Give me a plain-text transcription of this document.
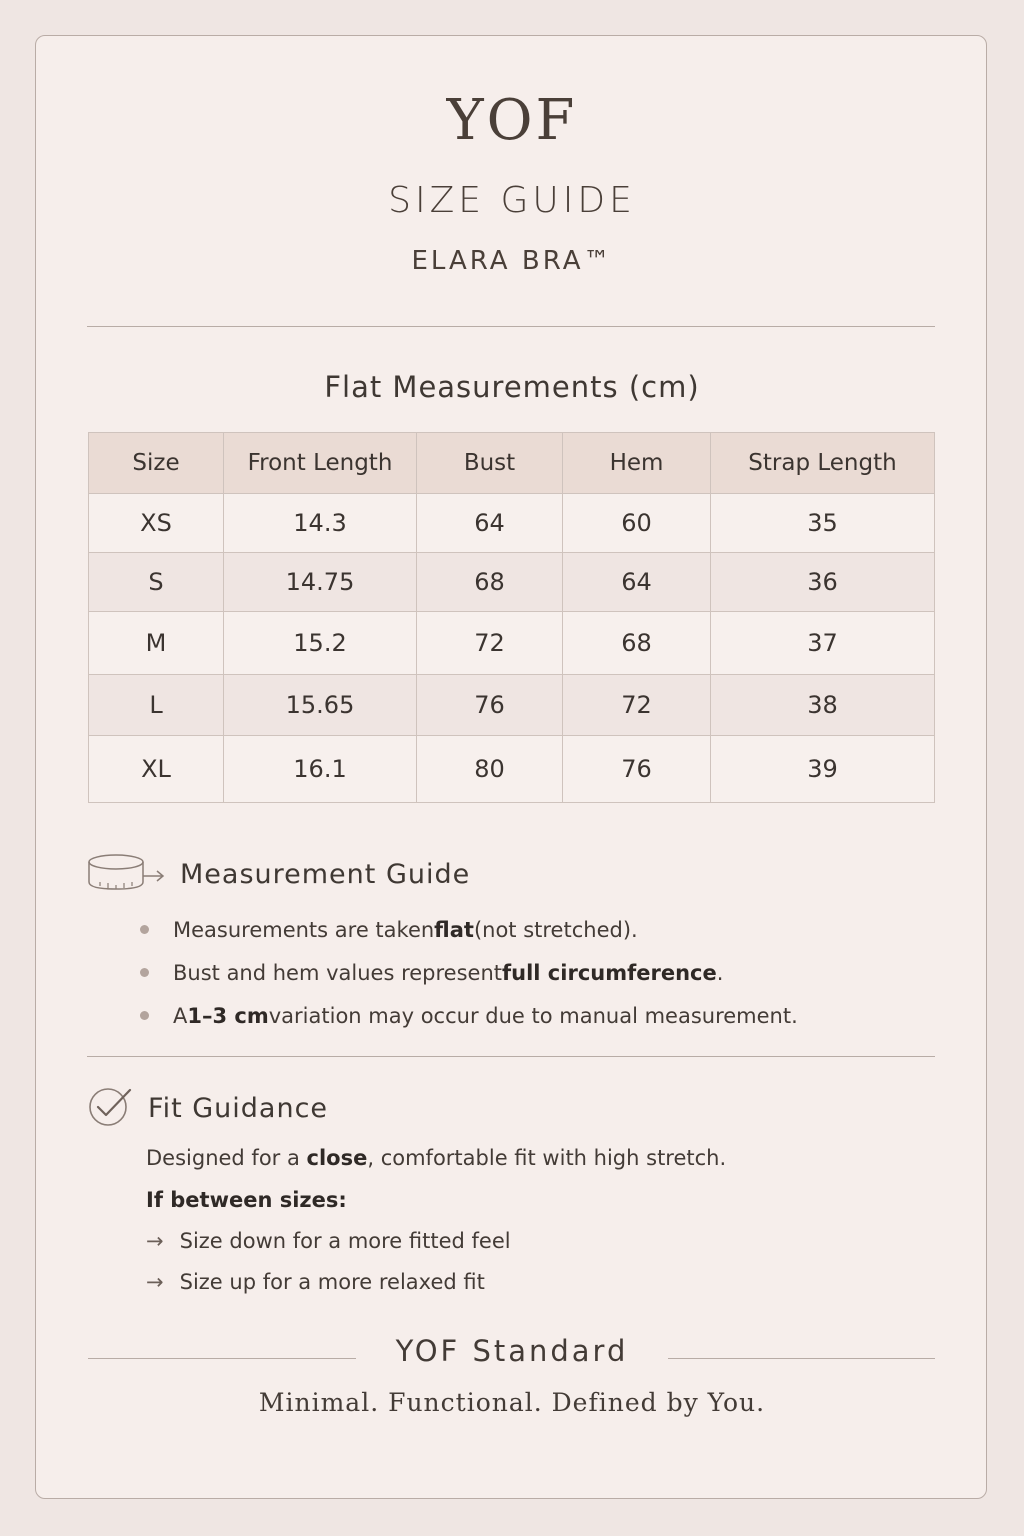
YOF
SIZE GUIDE
ELARA BRA™
Flat Measurements (cm)
Size	Front Length	Bust	Hem	Strap Length
XS	14.3	64	60	35
S	14.75	68	64	36
M	15.2	72	68	37
L	15.65	76	72	38
XL	16.1	80	76	39
Measurement Guide
Measurements are taken flat (not stretched).
Bust and hem values represent full circumference .
A 1–3 cm variation may occur due to manual measurement.
Fit Guidance
Designed for a close, comfortable fit with high stretch.
If between sizes:
→ Size down for a more fitted feel
→ Size up for a more relaxed fit
YOF Standard
Minimal. Functional. Defined by You.
